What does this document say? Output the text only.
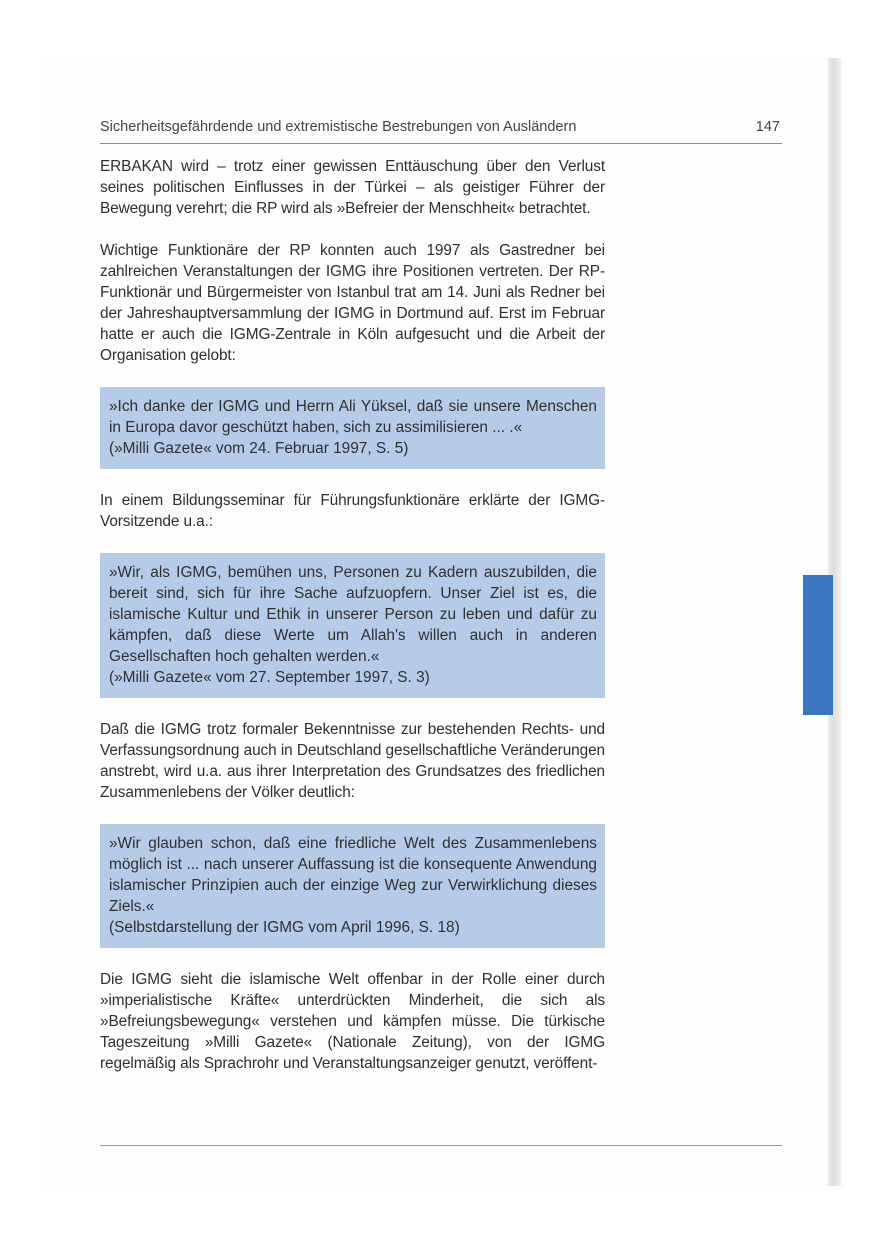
Sicherheitsgefährdende und extremistische Bestrebungen von Ausländern	147

ERBAKAN wird – trotz einer gewissen Enttäuschung über den Verlust seines politischen Einflusses in der Türkei – als geistiger Führer der Bewegung verehrt; die RP wird als »Befreier der Menschheit« betrachtet.

Wichtige Funktionäre der RP konnten auch 1997 als Gastredner bei zahlreichen Veranstaltungen der IGMG ihre Positionen vertreten. Der RP-Funktionär und Bürgermeister von Istanbul trat am 14. Juni als Redner bei der Jahreshauptversammlung der IGMG in Dortmund auf. Erst im Februar hatte er auch die IGMG-Zentrale in Köln aufgesucht und die Arbeit der Organisation gelobt:

»Ich danke der IGMG und Herrn Ali Yüksel, daß sie unsere Menschen in Europa davor geschützt haben, sich zu assimilisieren ... .«
(»Milli Gazete« vom 24. Februar 1997, S. 5)

In einem Bildungsseminar für Führungsfunktionäre erklärte der IGMG-Vorsitzende u.a.:

»Wir, als IGMG, bemühen uns, Personen zu Kadern auszubilden, die bereit sind, sich für ihre Sache aufzuopfern. Unser Ziel ist es, die islamische Kultur und Ethik in unserer Person zu leben und dafür zu kämpfen, daß diese Werte um Allah's willen auch in anderen Gesellschaften hoch gehalten werden.«
(»Milli Gazete« vom 27. September 1997, S. 3)

Daß die IGMG trotz formaler Bekenntnisse zur bestehenden Rechts- und Verfassungsordnung auch in Deutschland gesellschaftliche Veränderungen anstrebt, wird u.a. aus ihrer Interpretation des Grundsatzes des friedlichen Zusammenlebens der Völker deutlich:

»Wir glauben schon, daß eine friedliche Welt des Zusammenlebens möglich ist ... nach unserer Auffassung ist die konsequente Anwendung islamischer Prinzipien auch der einzige Weg zur Verwirklichung dieses Ziels.«
(Selbstdarstellung der IGMG vom April 1996, S. 18)

Die IGMG sieht die islamische Welt offenbar in der Rolle einer durch »imperialistische Kräfte« unterdrückten Minderheit, die sich als »Befreiungsbewegung« verstehen und kämpfen müsse. Die türkische Tageszeitung »Milli Gazete« (Nationale Zeitung), von der IGMG regelmäßig als Sprachrohr und Veranstaltungsanzeiger genutzt, veröffent-
